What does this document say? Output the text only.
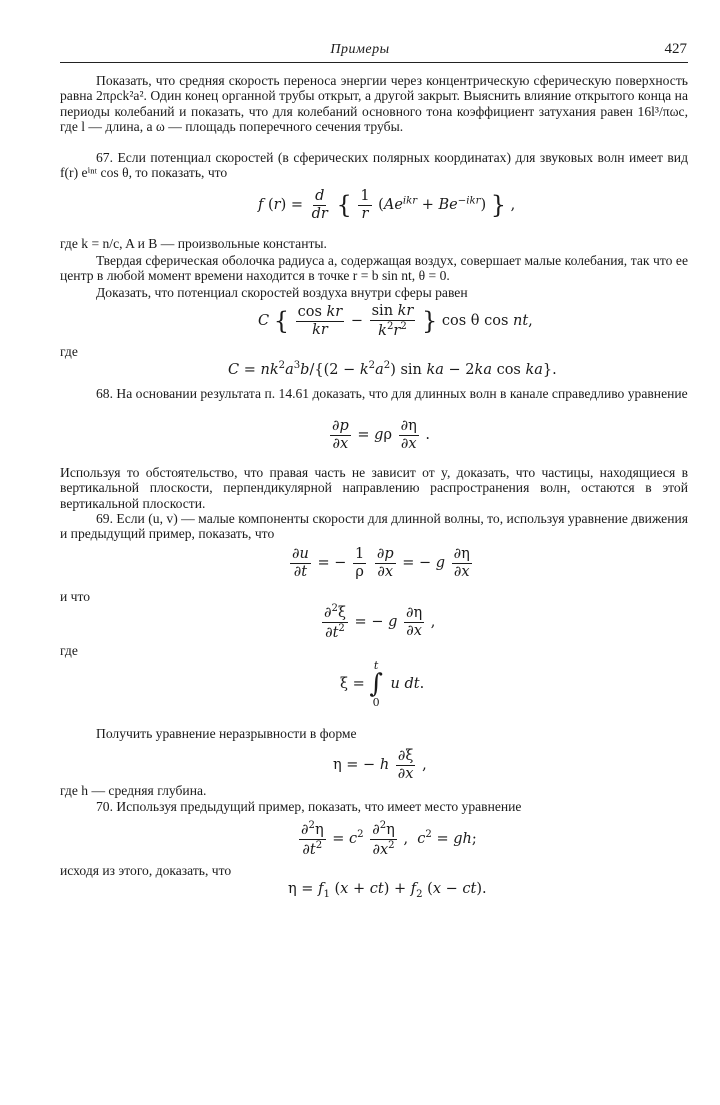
Примеры	427
Показать, что средняя скорость переноса энергии через концентрическую сферическую поверхность равна 2πρck²a². Один конец органной трубы открыт, а другой закрыт. Выяснить влияние открытого конца на периоды колебаний и показать, что для колебаний основного тона коэффициент затухания равен 16l³/πωc, где l — длина, а ω — площадь поперечного сечения трубы.
67. Если потенциал скоростей (в сферических полярных координатах) для звуковых волн имеет вид f(r) eⁱⁿᵗ cos θ, то показать, что
f $(r) = \frac{d}{dr}$ { $\frac{1}{r} (Ae^{ikr} + Be^{-ikr})$ } ,
где k = n/c, A и B — произвольные константы.
Твердая сферическая оболочка радиуса a, содержащая воздух, совершает малые колебания, так что ее центр в любой момент времени находится в точке r = b sin nt, θ = 0.
Доказать, что потенциал скоростей воздуха внутри сферы равен
C { $\frac{\text{cos kr}}{kr} - \frac{\text{sin kr}}{k^2r^2}$ } cos θ cos nt,
где
$C = nk^2a^3b/\{(2 - k^2a^2)$ sin ka − 2ka cos ka}.
68. На основании результата п. 14.61 доказать, что для длинных волн в канале справедливо уравнение
$\frac{\partial p}{\partial x} = g\rho \frac{\partial\eta}{\partial x}$ .
Используя то обстоятельство, что правая часть не зависит от y, доказать, что частицы, находящиеся в вертикальной плоскости, перпендикулярной направлению распространения волн, остаются в этой вертикальной плоскости.
69. Если (u, v) — малые компоненты скорости для длинной волны, то, используя уравнение движения и предыдущий пример, показать, что
$\frac{\partial u}{\partial t}$ = − $\frac{1}{\rho}$
$\frac{\partial p}{\partial x}$ = − g $\frac{\partial\eta}{\partial x}$
и что
$\frac{\partial^2\xi}{\partial t^2}$ = − g $\frac{\partial\eta}{\partial x}$ ,
где
ξ =
t
∫
0
u dt.
Получить уравнение неразрывности в форме
η = − h $\frac{\partial\xi}{\partial x}$ ,
где h — средняя глубина.
70. Используя предыдущий пример, показать, что имеет место уравнение
$\frac{\partial^2\eta}{\partial t^2} = c^2 \frac{\partial^2\eta}{\partial x^2}$ ,  $c^2$ = gh;
исходя из этого, доказать, что
$\eta = f_1$ $(x + ct) + f_2$ (x − ct).
